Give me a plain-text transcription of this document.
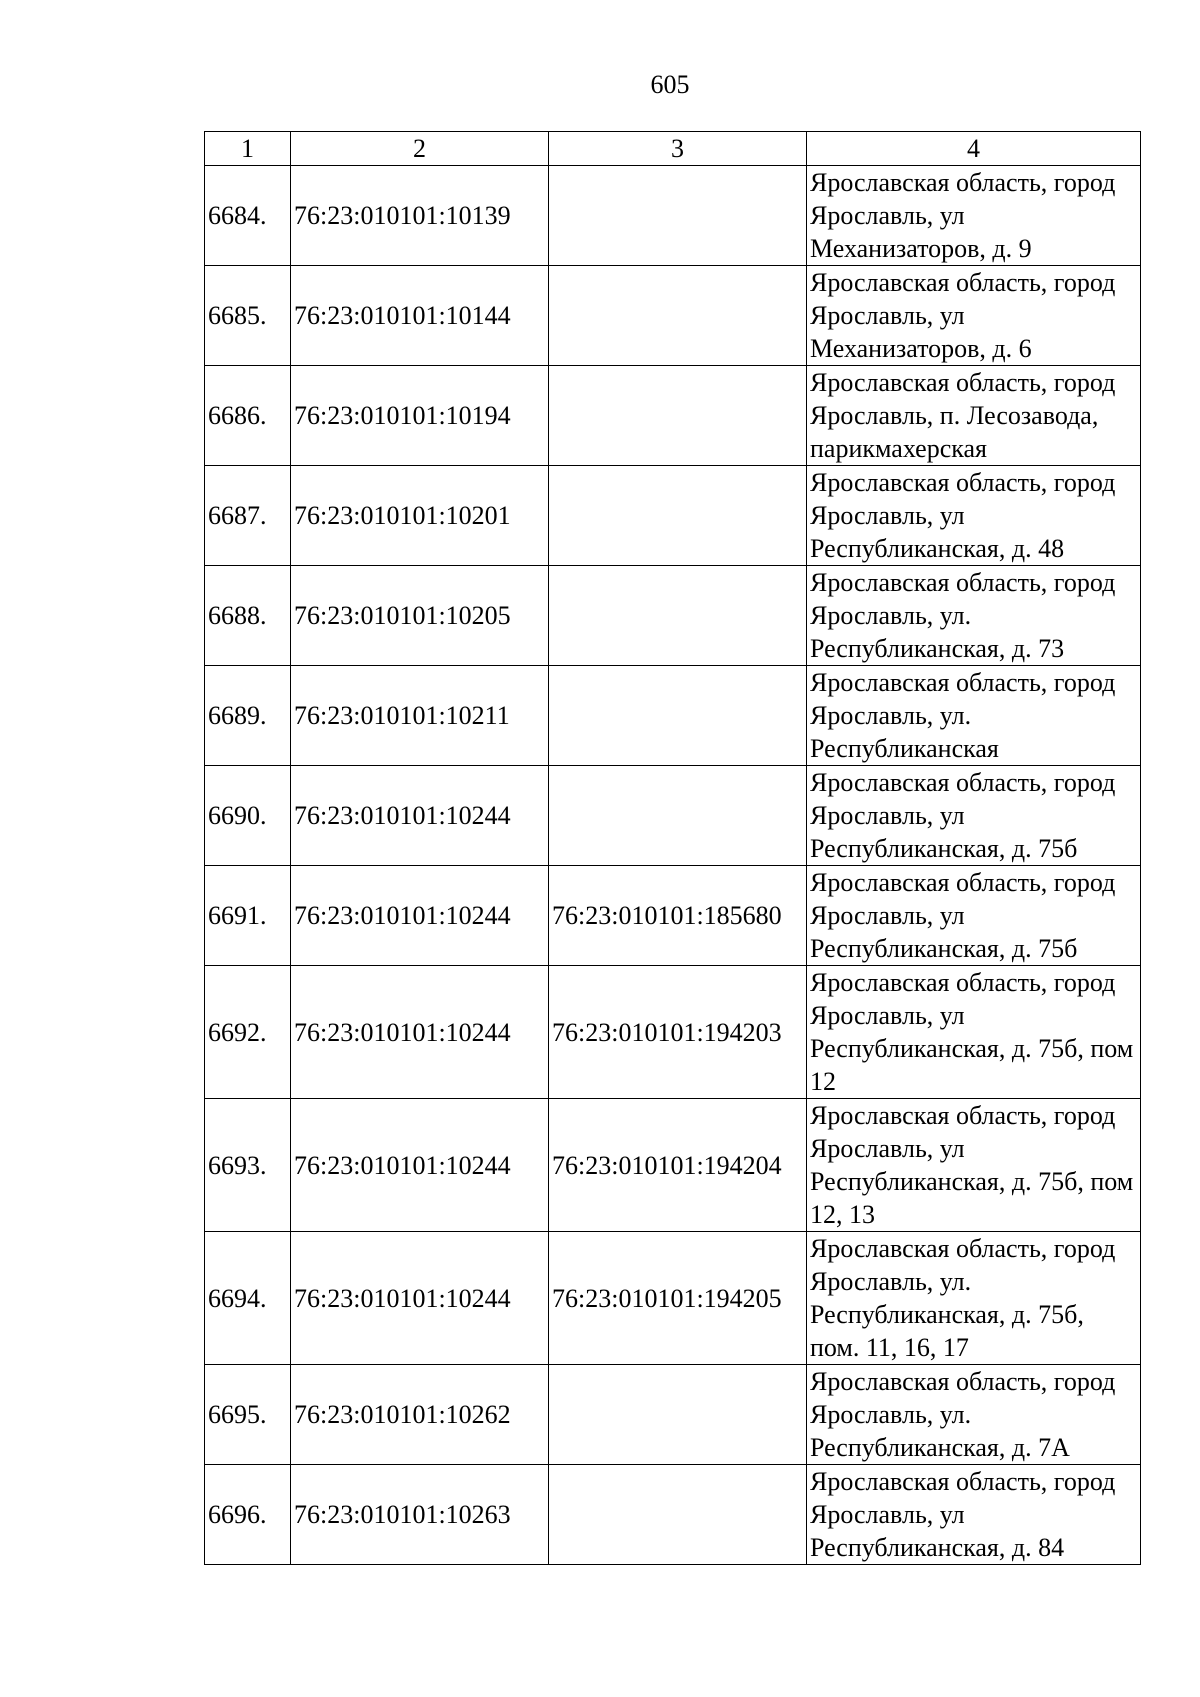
605
1	2	3	4
6684.	76:23:010101:10139		Ярославская область, город Ярославль, ул Механизаторов, д. 9
6685.	76:23:010101:10144		Ярославская область, город Ярославль, ул Механизаторов, д. 6
6686.	76:23:010101:10194		Ярославская область, город Ярославль, п. Лесозавода, парикмахерская
6687.	76:23:010101:10201		Ярославская область, город Ярославль, ул Республиканская, д. 48
6688.	76:23:010101:10205		Ярославская область, город Ярославль, ул. Республиканская, д. 73
6689.	76:23:010101:10211		Ярославская область, город Ярославль, ул. Республиканская
6690.	76:23:010101:10244		Ярославская область, город Ярославль, ул Республиканская, д. 75б
6691.	76:23:010101:10244	76:23:010101:185680	Ярославская область, город Ярославль, ул Республиканская, д. 75б
6692.	76:23:010101:10244	76:23:010101:194203	Ярославская область, город Ярославль, ул Республиканская, д. 75б, пом 12
6693.	76:23:010101:10244	76:23:010101:194204	Ярославская область, город Ярославль, ул Республиканская, д. 75б, пом 12, 13
6694.	76:23:010101:10244	76:23:010101:194205	Ярославская область, город Ярославль, ул. Республиканская, д. 75б, пом. 11, 16, 17
6695.	76:23:010101:10262		Ярославская область, город Ярославль, ул. Республиканская, д. 7А
6696.	76:23:010101:10263		Ярославская область, город Ярославль, ул Республиканская, д. 84
